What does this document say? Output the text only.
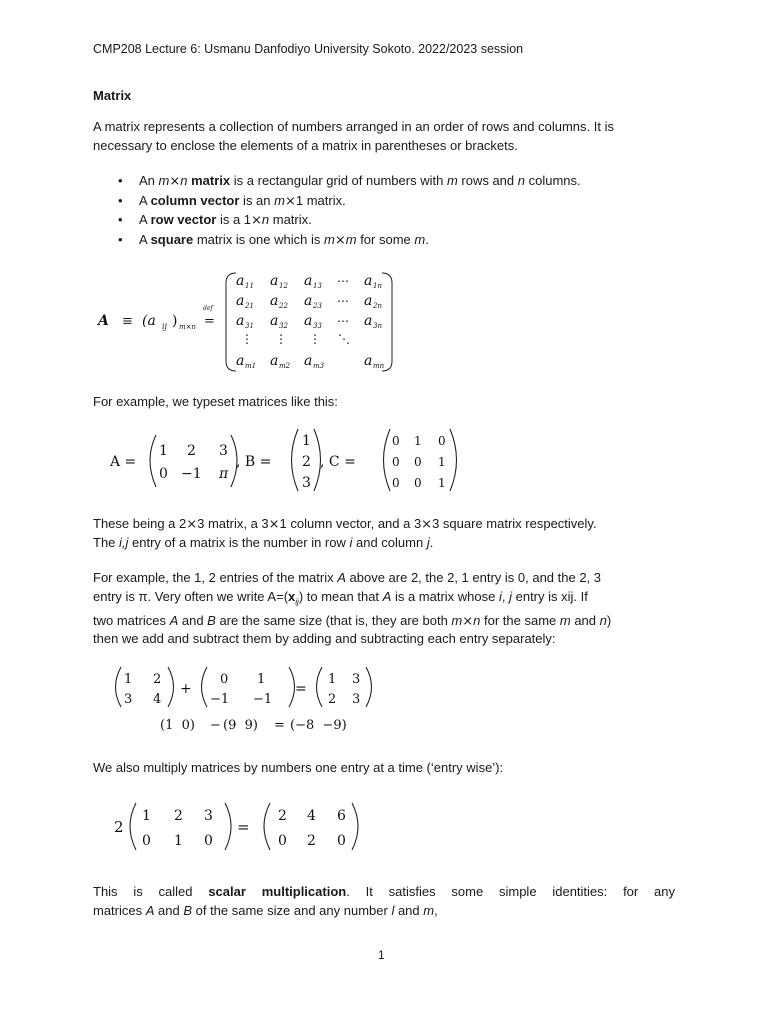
CMP208 Lecture 6: Usmanu Danfodiyo University Sokoto. 2022/2023 session
Matrix
A matrix represents a collection of numbers arranged in an order of rows and columns. It is necessary to enclose the elements of a matrix in parentheses or brackets.
• An m⨯n matrix is a rectangular grid of numbers with m rows and n columns.
• A column vector is an m⨯1 matrix.
• A row vector is a 1⨯n matrix.
• A square matrix is one which is m⨯m for some m.
A ≡ (a ij ) m×n
def
=
a 11 a 12 a 13 ⋯ a 1n
a 21 a 22 a 23 ⋯ a 2n
a 31 a 32 a 33 ⋯ a 3n
⋮ ⋮ ⋮ ⋱
a m1 a m2 a m3	a mn
For example, we typeset matrices like this:
A =
1 2 3
0 −1 π
, B =
1
2
3
, C =
0 1 0
0 0 1
0 0 1
These being a 2⨯3 matrix, a 3⨯1 column vector, and a 3⨯3 square matrix respectively.
The i,j entry of a matrix is the number in row i and column j.
For example, the 1, 2 entries of the matrix A above are 2, the 2, 1 entry is 0, and the 2, 3
entry is π. Very often we write $A=(x_{ij})$ to mean that A is a matrix whose i, j entry is xij. If
two matrices A and B are the same size (that is, they are both m⨯n for the same m and n)
then we add and subtract them by adding and subtracting each entry separately:
1 2
3 4
+
0 1
−1 −1
=
1 3
2 3
(1  0) − (9  9) = (−8  −9)
We also multiply matrices by numbers one entry at a time (‘entry wise’):
2
1 2 3
0 1 0
=
2 4 6
0 2 0
This is called scalar multiplication. It satisfies some simple identities: for any
matrices A and B of the same size and any number l and m,
1
